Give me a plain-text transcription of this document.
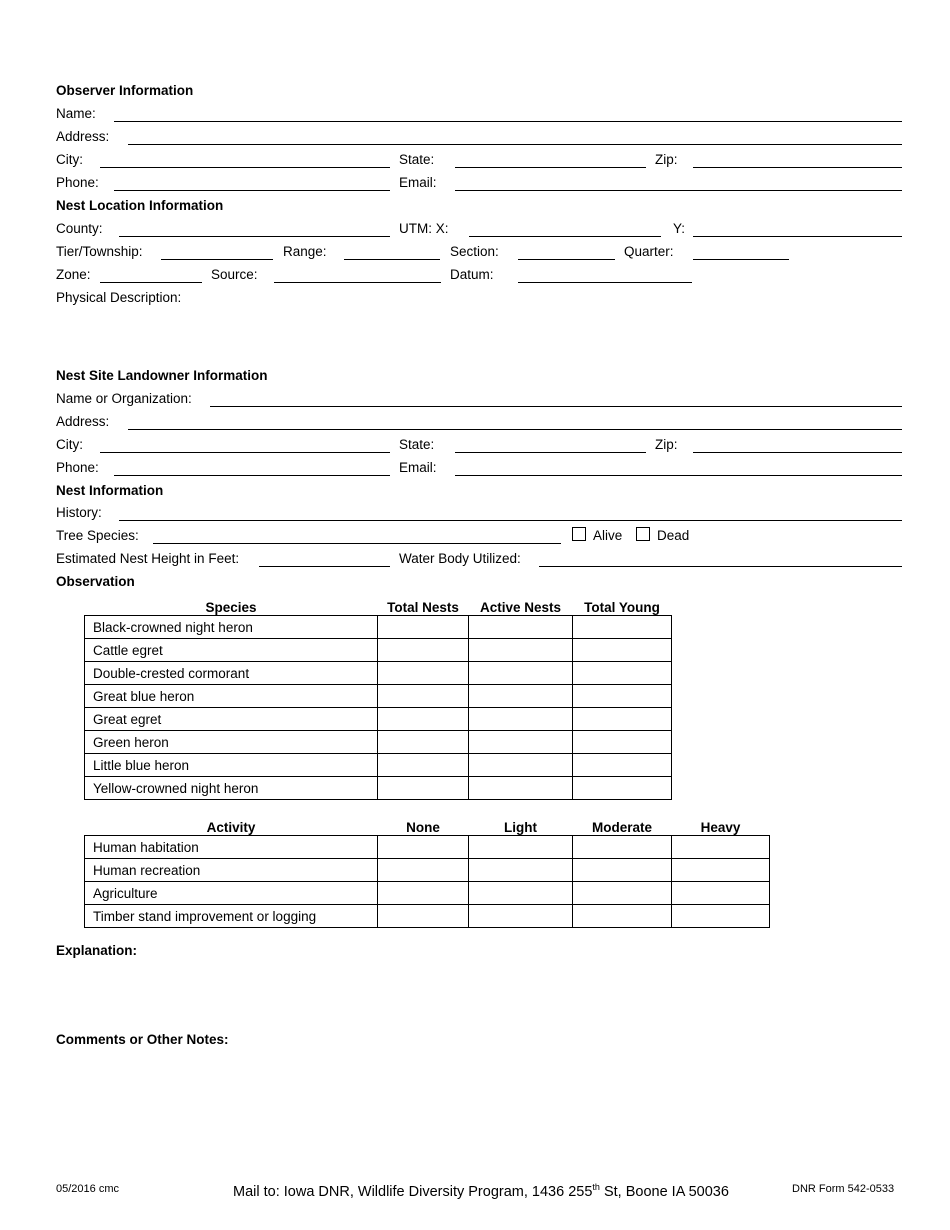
Observer Information
Name:
Address:
City:	State:	Zip:
Phone:	Email:
Nest Location Information
County:	UTM: X:	Y:
Tier/Township:	Range:	Section:	Quarter:
Zone:	Source:	Datum:
Physical Description:
Nest Site Landowner Information
Name or Organization:
Address:
City:	State:	Zip:
Phone:	Email:
Nest Information
History:
Tree Species:	Alive	Dead
Estimated Nest Height in Feet:	Water Body Utilized:
Observation
Species	Total Nests	Active Nests	Total Young
Black-crowned night heron			
Cattle egret			
Double-crested cormorant			
Great blue heron			
Great egret			
Green heron			
Little blue heron			
Yellow-crowned night heron			
Activity	None	Light	Moderate	Heavy
Human habitation				
Human recreation				
Agriculture				
Timber stand improvement or logging				
Explanation:
Comments or Other Notes:
05/2016 cmc	Mail to: Iowa DNR, Wildlife Diversity Program, 1436 255th St, Boone IA 50036	DNR Form 542-0533
